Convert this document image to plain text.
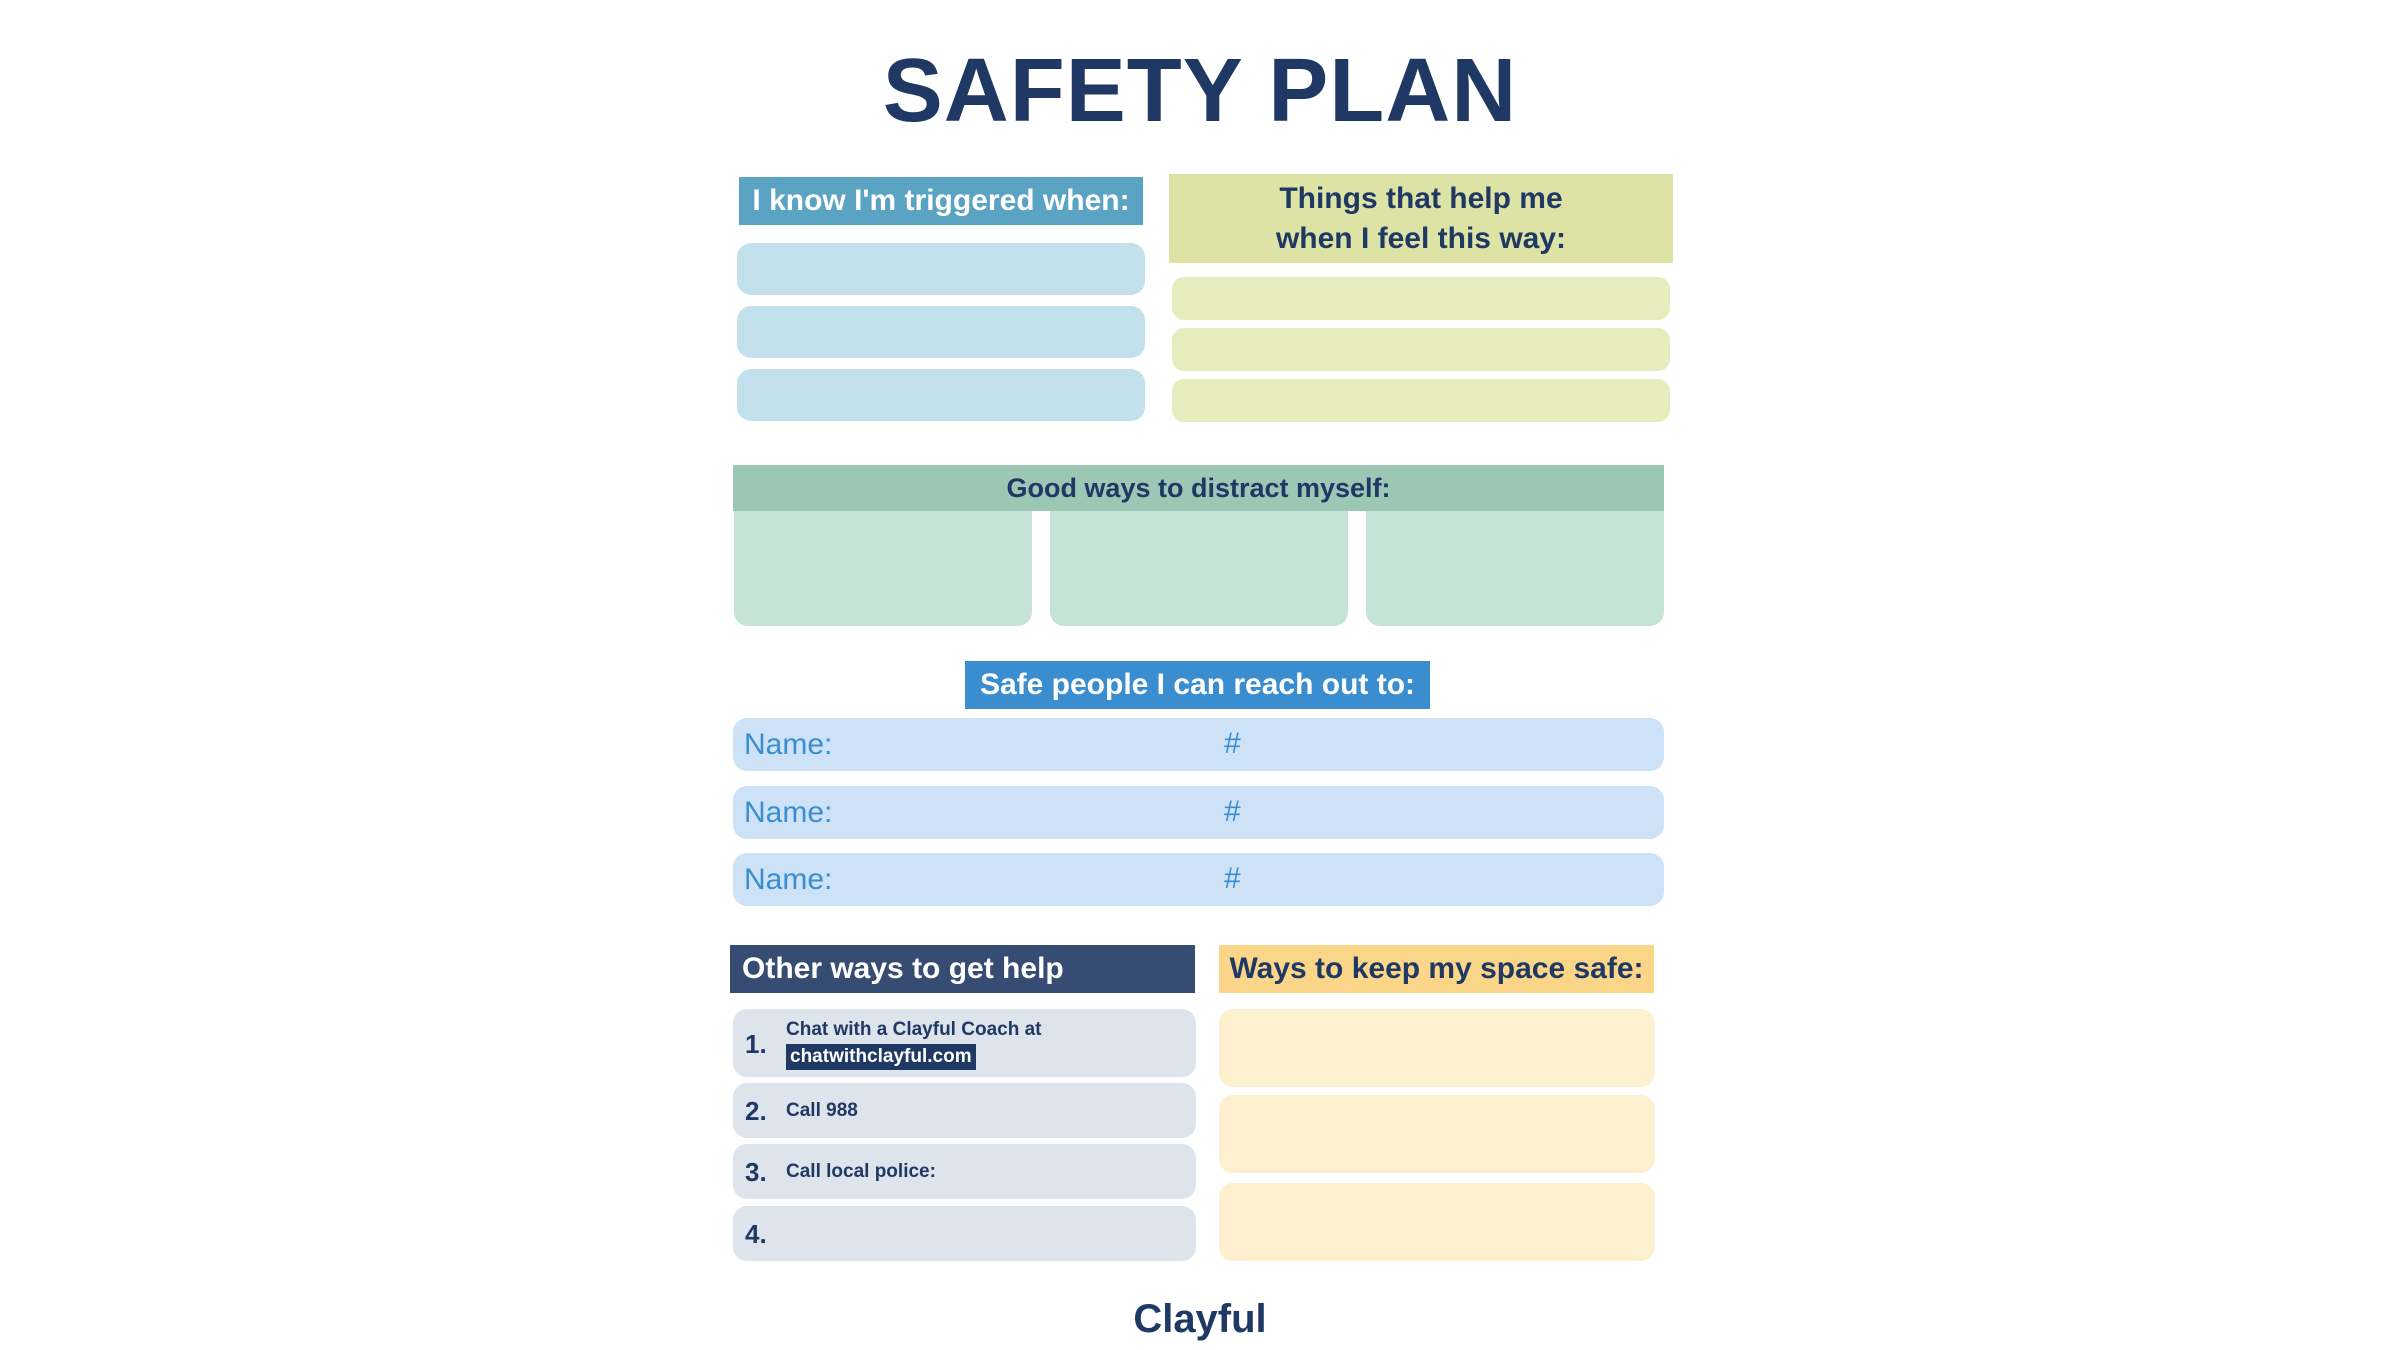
SAFETY PLAN
I know I'm triggered when:	Things that help me
when I feel this way:
Good ways to distract myself:
Safe people I can reach out to:
Name:	#
Name:	#
Name:	#
Other ways to get help
1. Chat with a Clayful Coach at
chatwithclayful.com
2. Call 988
3. Call local police:
4.
Ways to keep my space safe:
Clayful
